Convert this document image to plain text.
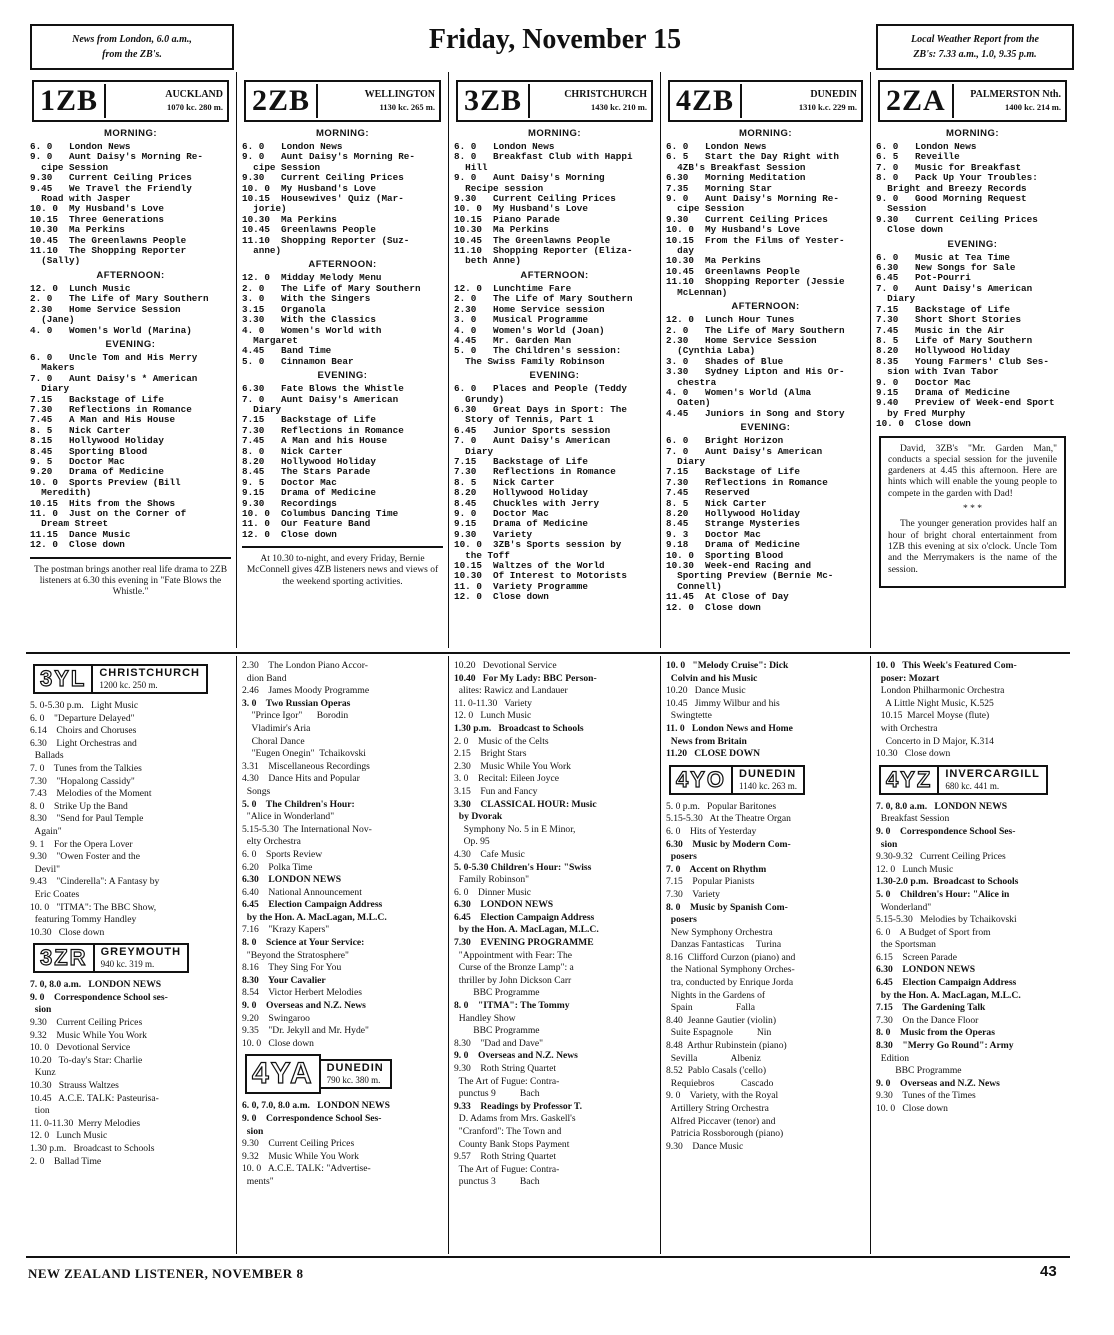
News from London, 6.0 a.m.,
from the ZB's.	Friday, November 15	Local Weather Report from the
ZB's: 7.33 a.m., 1.0, 9.35 p.m.
1ZB	AUCKLAND
1070 kc. 280 m.
MORNING:
6. 0   London News
9. 0   Aunt Daisy's Morning Re-
cipe Session
9.30   Current Ceiling Prices
9.45   We Travel the Friendly
Road with Jasper
10. 0  My Husband's Love
10.15  Three Generations
10.30  Ma Perkins
10.45  The Greenlawns People
11.10  The Shopping Reporter
(Sally)
AFTERNOON:
12. 0  Lunch Music
2. 0   The Life of Mary Southern
2.30   Home Service Session
(Jane)
4. 0   Women's World (Marina)
EVENING:
6. 0   Uncle Tom and His Merry
Makers
7. 0   Aunt Daisy's * American
Diary
7.15   Backstage of Life
7.30   Reflections in Romance
7.45   A Man and His House
8. 5   Nick Carter
8.15   Hollywood Holiday
8.45   Sporting Blood
9. 5   Doctor Mac
9.20   Drama of Medicine
10. 0  Sports Preview (Bill
Meredith)
10.15  Hits from the Shows
11. 0  Just on the Corner of
Dream Street
11.15  Dance Music
12. 0  Close down
The postman brings another real life drama to 2ZB listeners at 6.30 this evening in "Fate Blows the Whistle."
2ZB	WELLINGTON
1130 kc. 265 m.
MORNING:
6. 0   London News
9. 0   Aunt Daisy's Morning Re-
cipe Session
9.30   Current Ceiling Prices
10. 0  My Husband's Love
10.15  Housewives' Quiz (Mar-
jorie)
10.30  Ma Perkins
10.45  Greenlawns People
11.10  Shopping Reporter (Suz-
anne)
AFTERNOON:
12. 0  Midday Melody Menu
2. 0   The Life of Mary Southern
3. 0   With the Singers
3.15   Organola
3.30   With the Classics
4. 0   Women's World with
Margaret
4.45   Band Time
5. 0   Cinnamon Bear
EVENING:
6.30   Fate Blows the Whistle
7. 0   Aunt Daisy's American
Diary
7.15   Backstage of Life
7.30   Reflections in Romance
7.45   A Man and his House
8. 0   Nick Carter
8.20   Hollywood Holiday
8.45   The Stars Parade
9. 5   Doctor Mac
9.15   Drama of Medicine
9.30   Recordings
10. 0  Columbus Dancing Time
11. 0  Our Feature Band
12. 0  Close down
At 10.30 to-night, and every Friday, Bernie McConnell gives 4ZB listeners news and views of the weekend sporting activities.
3ZB	CHRISTCHURCH
1430 kc. 210 m.
MORNING:
6. 0   London News
8. 0   Breakfast Club with Happi
Hill
9. 0   Aunt Daisy's Morning
Recipe session
9.30   Current Ceiling Prices
10. 0  My Husband's Love
10.15  Piano Parade
10.30  Ma Perkins
10.45  The Greenlawns People
11.10  Shopping Reporter (Eliza-
beth Anne)
AFTERNOON:
12. 0  Lunchtime Fare
2. 0   The Life of Mary Southern
2.30   Home Service session
3. 0   Musical Programme
4. 0   Women's World (Joan)
4.45   Mr. Garden Man
5. 0   The Children's session:
The Swiss Family Robinson
EVENING:
6. 0   Places and People (Teddy
Grundy)
6.30   Great Days in Sport: The
Story of Tennis, Part 1
6.45   Junior Sports session
7. 0   Aunt Daisy's American
Diary
7.15   Backstage of Life
7.30   Reflections in Romance
8. 5   Nick Carter
8.20   Hollywood Holiday
8.45   Chuckles with Jerry
9. 0   Doctor Mac
9.15   Drama of Medicine
9.30   Variety
10. 0  3ZB's Sports session by
the Toff
10.15  Waltzes of the World
10.30  Of Interest to Motorists
11. 0  Variety Programme
12. 0  Close down
4ZB	DUNEDIN
1310 k.c. 229 m.
MORNING:
6. 0   London News
6. 5   Start the Day Right with
4ZB's Breakfast Session
6.30   Morning Meditation
7.35   Morning Star
9. 0   Aunt Daisy's Morning Re-
cipe Session
9.30   Current Ceiling Prices
10. 0  My Husband's Love
10.15  From the Films of Yester-
day
10.30  Ma Perkins
10.45  Greenlawns People
11.10  Shopping Reporter (Jessie
McLennan)
AFTERNOON:
12. 0  Lunch Hour Tunes
2. 0   The Life of Mary Southern
2.30   Home Service Session
(Cynthia Laba)
3. 0   Shades of Blue
3.30   Sydney Lipton and His Or-
chestra
4. 0   Women's World (Alma
Oaten)
4.45   Juniors in Song and Story
EVENING:
6. 0   Bright Horizon
7. 0   Aunt Daisy's American
Diary
7.15   Backstage of Life
7.30   Reflections in Romance
7.45   Reserved
8. 5   Nick Carter
8.20   Hollywood Holiday
8.45   Strange Mysteries
9. 3   Doctor Mac
9.18   Drama of Medicine
10. 0  Sporting Blood
10.30  Week-end Racing and
Sporting Preview (Bernie Mc-
Connell)
11.45  At Close of Day
12. 0  Close down
2ZA	PALMERSTON Nth.
1400 kc. 214 m.
MORNING:
6. 0   London News
6. 5   Reveille
7. 0   Music for Breakfast
8. 0   Pack Up Your Troubles:
Bright and Breezy Records
9. 0   Good Morning Request
Session
9.30   Current Ceiling Prices
Close down
EVENING:
6. 0   Music at Tea Time
6.30   New Songs for Sale
6.45   Pot-Pourri
7. 0   Aunt Daisy's American
Diary
7.15   Backstage of Life
7.30   Short Short Stories
7.45   Music in the Air
8. 5   Life of Mary Southern
8.20   Hollywood Holiday
8.35   Young Farmers' Club Ses-
sion with Ivan Tabor
9. 0   Doctor Mac
9.15   Drama of Medicine
9.40   Preview of Week-end Sport
by Fred Murphy
10. 0  Close down

David, 3ZB's "Mr. Garden Man," conducts a special session for the juvenile gardeners at 4.45 this afternoon. Here are hints which will enable the young people to compete in the garden with Dad!

* * *

The younger generation provides half an hour of bright choral entertainment from 1ZB this evening at six o'clock. Uncle Tom and the Merrymakers is the name of the session.

3YL	CHRISTCHURCH
1200 kc. 250 m.
5. 0-5.30 p.m.   Light Music
6. 0    "Departure Delayed"
6.14    Choirs and Choruses
6.30    Light Orchestras and
Ballads
7. 0    Tunes from the Talkies
7.30    "Hopalong Cassidy"
7.43    Melodies of the Moment
8. 0    Strike Up the Band
8.30    "Send for Paul Temple
Again"
9. 1    For the Opera Lover
9.30    "Owen Foster and the
Devil"
9.43    "Cinderella": A Fantasy by
Eric Coates
10. 0   "ITMA": The BBC Show,
featuring Tommy Handley
10.30   Close down
3ZR	GREYMOUTH
940 kc. 319 m.
7. 0, 8.0 a.m.   LONDON NEWS
9. 0    Correspondence School ses-
sion
9.30    Current Ceiling Prices
9.32    Music While You Work
10. 0   Devotional Service
10.20   To-day's Star: Charlie
Kunz
10.30   Strauss Waltzes
10.45   A.C.E. TALK: Pasteurisa-
tion
11. 0-11.30  Merry Melodies
12. 0   Lunch Music
1.30 p.m.   Broadcast to Schools
2. 0    Ballad Time
2.30    The London Piano Accor-
dion Band
2.46    James Moody Programme
3. 0    Two Russian Operas
"Prince Igor"      Borodin
Vladimir's Aria
Choral Dance
"Eugen Onegin"  Tchaikovski
3.31    Miscellaneous Recordings
4.30    Dance Hits and Popular
Songs
5. 0    The Children's Hour:
"Alice in Wonderland"
5.15-5.30  The International Nov-
elty Orchestra
6. 0    Sports Review
6.20    Polka Time
6.30    LONDON NEWS
6.40    National Announcement
6.45    Election Campaign Address
by the Hon. A. MacLagan, M.L.C.
7.16    "Krazy Kapers"
8. 0    Science at Your Service:
"Beyond the Stratosphere"
8.16    They Sing For You
8.30    Your Cavalier
8.54    Victor Herbert Melodies
9. 0    Overseas and N.Z. News
9.20    Swingaroo
9.35    "Dr. Jekyll and Mr. Hyde"
10. 0   Close down
4YA	DUNEDIN
790 kc. 380 m.
6. 0, 7.0, 8.0 a.m.   LONDON NEWS
9. 0    Correspondence School Ses-
sion
9.30    Current Ceiling Prices
9.32    Music While You Work
10. 0   A.C.E. TALK: "Advertise-
ments"
10.20   Devotional Service
10.40   For My Lady: BBC Person-
alites: Rawicz and Landauer
11. 0-11.30   Variety
12. 0   Lunch Music
1.30 p.m.   Broadcast to Schools
2. 0    Music of the Celts
2.15    Bright Stars
2.30    Music While You Work
3. 0    Recital: Eileen Joyce
3.15    Fun and Fancy
3.30    CLASSICAL HOUR: Music
by Dvorak
Symphony No. 5 in E Minor,
Op. 95
4.30    Cafe Music
5. 0-5.30 Children's Hour: "Swiss
Family Robinson"
6. 0    Dinner Music
6.30    LONDON NEWS
6.45    Election Campaign Address
by the Hon. A. MacLagan, M.L.C.
7.30    EVENING PROGRAMME
"Appointment with Fear: The
Curse of the Bronze Lamp": a
thriller by John Dickson Carr
BBC Programme
8. 0    "ITMA": The Tommy
Handley Show
BBC Programme
8.30    "Dad and Dave"
9. 0    Overseas and N.Z. News
9.30    Roth String Quartet
The Art of Fugue: Contra-
punctus 9          Bach
9.33    Readings by Professor T.
D. Adams from Mrs. Gaskell's
"Cranford": The Town and
County Bank Stops Payment
9.57    Roth String Quartet
The Art of Fugue: Contra-
punctus 3          Bach
10. 0   "Melody Cruise": Dick
Colvin and his Music
10.20   Dance Music
10.45   Jimmy Wilbur and his
Swingtette
11. 0   London News and Home
News from Britain
11.20   CLOSE DOWN
4YO	DUNEDIN
1140 kc. 263 m.
5. 0 p.m.   Popular Baritones
5.15-5.30   At the Theatre Organ
6. 0    Hits of Yesterday
6.30    Music by Modern Com-
posers
7. 0    Accent on Rhythm
7.15    Popular Pianists
7.30    Variety
8. 0    Music by Spanish Com-
posers
New Symphony Orchestra
Danzas Fantasticas     Turina
8.16  Clifford Curzon (piano) and
the National Symphony Orches-
tra, conducted by Enrique Jorda
Nights in the Gardens of
Spain                  Falla
8.40  Jeanne Gautier (violin)
Suite Espagnole          Nin
8.48  Arthur Rubinstein (piano)
Sevilla              Albeniz
8.52  Pablo Casals ('cello)
Requiebros           Cascado
9. 0    Variety, with the Royal
Artillery String Orchestra
Alfred Piccaver (tenor) and
Patricia Rossborough (piano)
9.30    Dance Music
10. 0   This Week's Featured Com-
poser: Mozart
London Philharmonic Orchestra
A Little Night Music, K.525
10.15  Marcel Moyse (flute)
with Orchestra
Concerto in D Major, K.314
10.30   Close down
4YZ	INVERCARGILL
680 kc. 441 m.
7. 0, 8.0 a.m.   LONDON NEWS
Breakfast Session
9. 0    Correspondence School Ses-
sion
9.30-9.32   Current Ceiling Prices
12. 0   Lunch Music
1.30-2.0 p.m.  Broadcast to Schools
5. 0    Children's Hour: "Alice in
Wonderland"
5.15-5.30   Melodies by Tchaikovski
6. 0    A Budget of Sport from
the Sportsman
6.15    Screen Parade
6.30    LONDON NEWS
6.45    Election Campaign Address
by the Hon. A. MacLagan, M.L.C.
7.15    The Gardening Talk
7.30    On the Dance Floor
8. 0    Music from the Operas
8.30    "Merry Go Round": Army
Edition
BBC Programme
9. 0    Overseas and N.Z. News
9.30    Tunes of the Times
10. 0   Close down
NEW ZEALAND LISTENER, NOVEMBER 8	43
